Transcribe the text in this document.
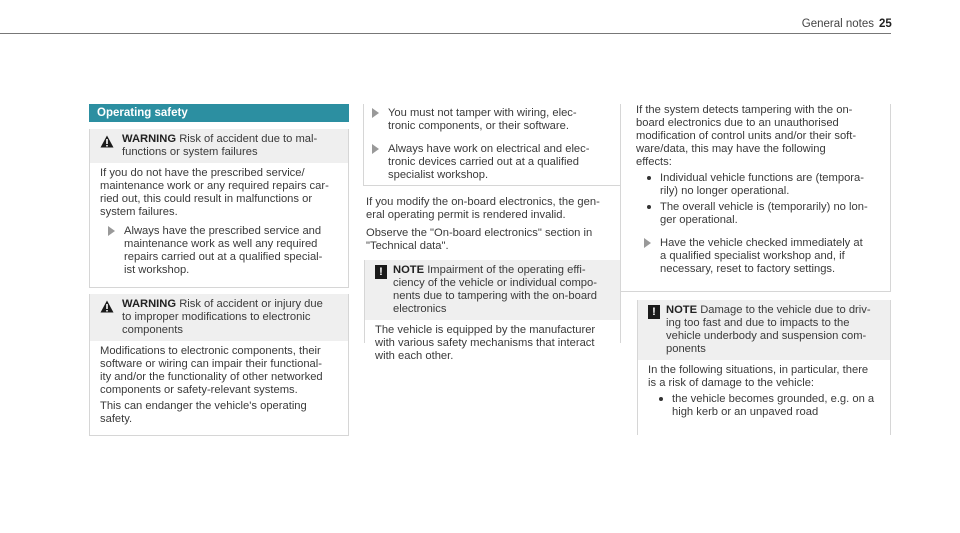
General notes 25
Operating safety
WARNING Risk of accident due to mal-
functions or system failures
If you do not have the prescribed service/
maintenance work or any required repairs car-
ried out, this could result in malfunctions or
system failures.
Always have the prescribed service and
maintenance work as well any required
repairs carried out at a qualified special-
ist workshop.
WARNING Risk of accident or injury due
to improper modifications to electronic
components
Modifications to electronic components, their
software or wiring can impair their functional-
ity and/or the functionality of other networked
components or safety-relevant systems.
This can endanger the vehicle's operating
safety.
You must not tamper with wiring, elec-
tronic components, or their software.
Always have work on electrical and elec-
tronic devices carried out at a qualified
specialist workshop.
If you modify the on-board electronics, the gen-
eral operating permit is rendered invalid.
Observe the "On-board electronics" section in
"Technical data".
! NOTE Impairment of the operating effi-
ciency of the vehicle or individual compo-
nents due to tampering with the on-board
electronics
The vehicle is equipped by the manufacturer
with various safety mechanisms that interact
with each other.
If the system detects tampering with the on-
board electronics due to an unauthorised
modification of control units and/or their soft-
ware/data, this may have the following
effects:
Individual vehicle functions are (tempora-
rily) no longer operational.
The overall vehicle is (temporarily) no lon-
ger operational.
Have the vehicle checked immediately at
a qualified specialist workshop and, if
necessary, reset to factory settings.
! NOTE Damage to the vehicle due to driv-
ing too fast and due to impacts to the
vehicle underbody and suspension com-
ponents
In the following situations, in particular, there
is a risk of damage to the vehicle:
the vehicle becomes grounded, e.g. on a
high kerb or an unpaved road
